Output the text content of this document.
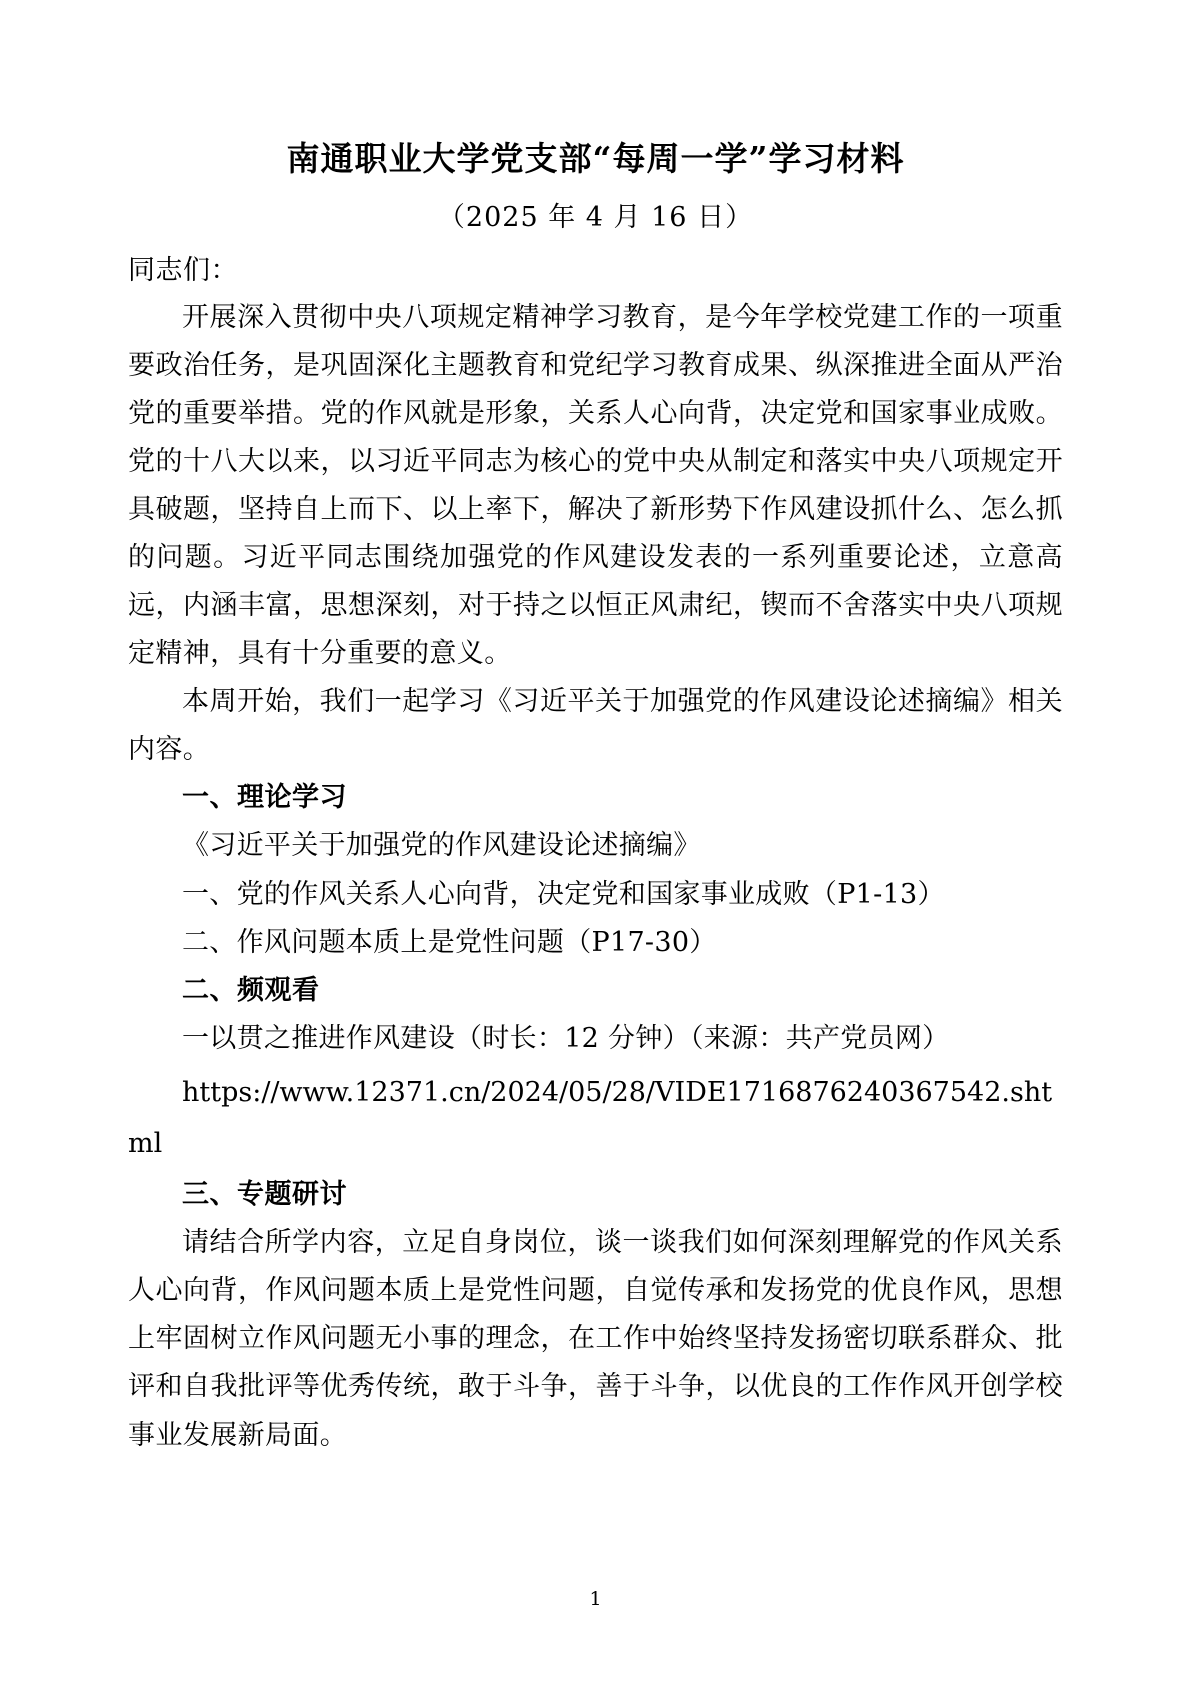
南通职业大学党支部“每周一学”学习材料
（2025 年 4 月 16 日）
同志们：

开展深入贯彻中央八项规定精神学习教育，是今年学校党建工作的一项重要政治任务，是巩固深化主题教育和党纪学习教育成果、纵深推进全面从严治党的重要举措。党的作风就是形象，关系人心向背，决定党和国家事业成败。党的十八大以来，以习近平同志为核心的党中央从制定和落实中央八项规定开具破题，坚持自上而下、以上率下，解决了新形势下作风建设抓什么、怎么抓的问题。习近平同志围绕加强党的作风建设发表的一系列重要论述，立意高远，内涵丰富，思想深刻，对于持之以恒正风肃纪，锲而不舍落实中央八项规定精神，具有十分重要的意义。

本周开始，我们一起学习《习近平关于加强党的作风建设论述摘编》相关内容。

一、理论学习
《习近平关于加强党的作风建设论述摘编》
一、党的作风关系人心向背，决定党和国家事业成败（P1-13）
二、作风问题本质上是党性问题（P17-30）
二、频观看
一以贯之推进作风建设（时长：12 分钟）（来源：共产党员网）
https://www.12371.cn/2024/05/28/VIDE1716876240367542.shtml
三、专题研讨

请结合所学内容，立足自身岗位，谈一谈我们如何深刻理解党的作风关系人心向背，作风问题本质上是党性问题，自觉传承和发扬党的优良作风，思想上牢固树立作风问题无小事的理念，在工作中始终坚持发扬密切联系群众、批评和自我批评等优秀传统，敢于斗争，善于斗争，以优良的工作作风开创学校事业发展新局面。

1
